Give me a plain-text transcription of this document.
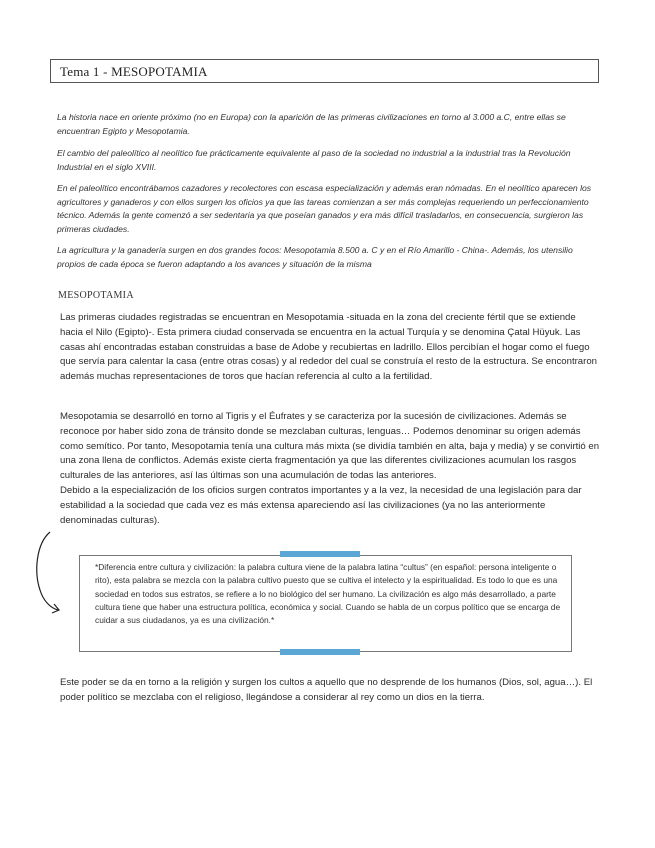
Tema 1 - MESOPOTAMIA

La historia nace en oriente próximo (no en Europa) con la aparición de las primeras civilizaciones en torno al 3.000 a.C, entre ellas se encuentran Egipto y Mesopotamia.

El cambio del paleolítico al neolítico fue prácticamente equivalente al paso de la sociedad no industrial a la industrial tras la Revolución Industrial en el siglo XVIII.

En el paleolítico encontrábamos cazadores y recolectores con escasa especialización y además eran nómadas. En el neolítico aparecen los agricultores y ganaderos y con ellos surgen los oficios ya que las tareas comienzan a ser más complejas requeriendo un perfeccionamiento técnico. Además la gente comenzó a ser sedentaria ya que poseían ganados y era más difícil trasladarlos, en consecuencia, surgieron las primeras ciudades.

La agricultura y la ganadería surgen en dos grandes focos: Mesopotamia 8.500 a. C y en el Río Amarillo - China-. Además, los utensilio propios de cada época se fueron adaptando a los avances y situación de la misma

MESOPOTAMIA

Las primeras ciudades registradas se encuentran en Mesopotamia -situada en la zona del creciente fértil que se extiende hacia el Nilo (Egipto)-. Esta primera ciudad conservada se encuentra en la actual Turquía y se denomina Çatal Hüyuk. Las casas ahí encontradas estaban construidas a base de Adobe y recubiertas en ladrillo. Ellos percibían el hogar como el fuego que servía para calentar la casa (entre otras cosas) y al rededor del cual se construía el resto de la estructura. Se encontraron además muchas representaciones de toros que hacían referencia al culto a la fertilidad.

Mesopotamia se desarrolló en torno al Tigris y el Éufrates y se caracteriza por la sucesión de civilizaciones. Además se reconoce por haber sido zona de tránsito donde se mezclaban culturas, lenguas… Podemos denominar su origen además como semítico. Por tanto, Mesopotamia tenía una cultura más mixta (se dividía también en alta, baja y media) y se convirtió en una zona llena de conflictos. Además existe cierta fragmentación ya que las diferentes civilizaciones acumulan los rasgos culturales de las anteriores, así las últimas son una acumulación de todas las anteriores.
Debido a la especialización de los oficios surgen contratos importantes y a la vez, la necesidad de una legislación para dar estabilidad a la sociedad que cada vez es más extensa apareciendo así las civilizaciones (ya no las anteriormente denominadas culturas).

*Diferencia entre cultura y civilización: la palabra cultura viene de la palabra latina “cultus” (en español: persona inteligente o rito), esta palabra se mezcla con la palabra cultivo puesto que se cultiva el intelecto y la espiritualidad. Es todo lo que es una sociedad en todos sus estratos, se refiere a lo no biológico del ser humano. La civilización es algo más desarrollado, a parte cultura tiene que haber una estructura política, económica y social. Cuando se habla de un corpus político que se encarga de cuidar a sus ciudadanos, ya es una civilización.*

Este poder se da en torno a la religión y surgen los cultos a aquello que no desprende de los humanos (Dios, sol, agua…). El poder político se mezclaba con el religioso, llegándose a considerar al rey como un dios en la tierra.
